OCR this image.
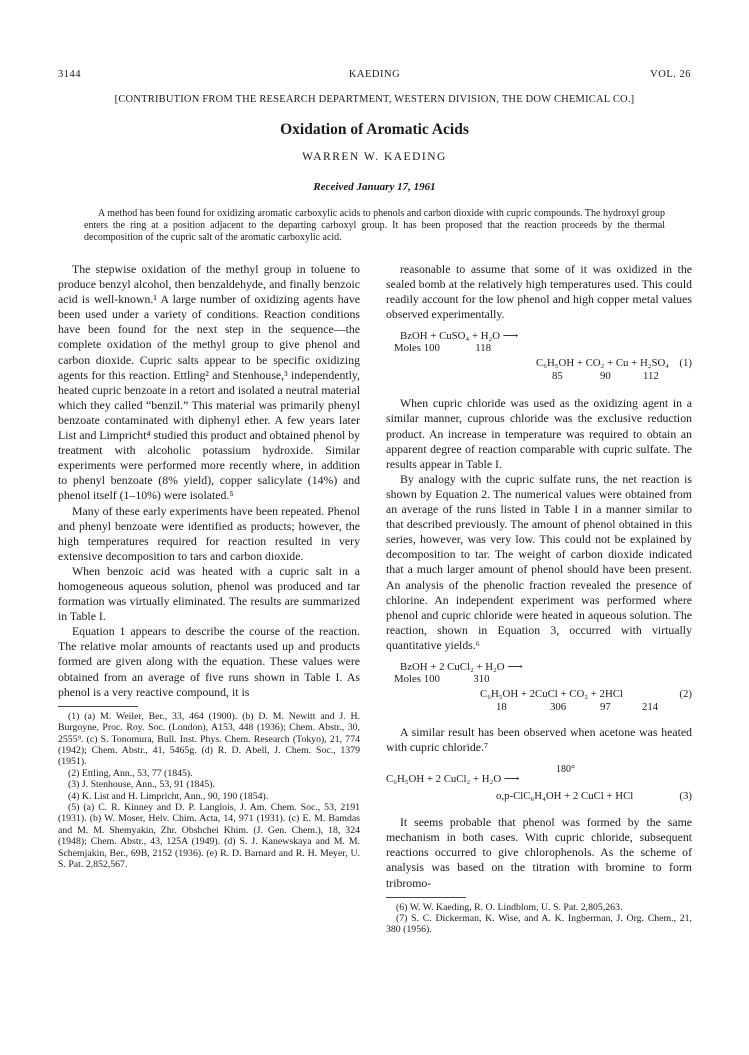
3144	KAEDING	VOL. 26
[CONTRIBUTION FROM THE RESEARCH DEPARTMENT, WESTERN DIVISION, THE DOW CHEMICAL CO.]
Oxidation of Aromatic Acids
WARREN W. KAEDING
Received January 17, 1961
A method has been found for oxidizing aromatic carboxylic acids to phenols and carbon dioxide with cupric compounds. The hydroxyl group enters the ring at a position adjacent to the departing carboxyl group. It has been proposed that the reaction proceeds by the thermal decomposition of the cupric salt of the aromatic carboxylic acid.

The stepwise oxidation of the methyl group in toluene to produce benzyl alcohol, then benzaldehyde, and finally benzoic acid is well-known.¹ A large number of oxidizing agents have been used under a variety of conditions. Reaction conditions have been found for the next step in the sequence—the complete oxidation of the methyl group to give phenol and carbon dioxide. Cupric salts appear to be specific oxidizing agents for this reaction. Ettling² and Stenhouse,³ independently, heated cupric benzoate in a retort and isolated a neutral material which they called “benzil.” This material was primarily phenyl benzoate contaminated with diphenyl ether. A few years later List and Limpricht⁴ studied this product and obtained phenol by treatment with alcoholic potassium hydroxide. Similar experiments were performed more recently where, in addition to phenyl benzoate (8% yield), copper salicylate (14%) and phenol itself (1–10%) were isolated.⁵

Many of these early experiments have been repeated. Phenol and phenyl benzoate were identified as products; however, the high temperatures required for reaction resulted in very extensive decomposition to tars and carbon dioxide.

When benzoic acid was heated with a cupric salt in a homogeneous aqueous solution, phenol was produced and tar formation was virtually eliminated. The results are summarized in Table I.

Equation 1 appears to describe the course of the reaction. The relative molar amounts of reactants used up and products formed are given along with the equation. These values were obtained from an average of five runs shown in Table I. As phenol is a very reactive compound, it is

(1) (a) M. Weiler, Ber., 33, 464 (1900). (b) D. M. Newitt and J. H. Burgoyne, Proc. Roy. Soc. (London), A153, 448 (1936); Chem. Abstr., 30, 2555⁹. (c) S. Tonomura, Bull. Inst. Phys. Chem. Research (Tokyo), 21, 774 (1942); Chem. Abstr., 41, 5465g. (d) R. D. Abell, J. Chem. Soc., 1379 (1951).
(2) Ettling, Ann., 53, 77 (1845).
(3) J. Stenhouse, Ann., 53, 91 (1845).
(4) K. List and H. Limpricht, Ann., 90, 190 (1854).
(5) (a) C. R. Kinney and D. P. Langlois, J. Am. Chem. Soc., 53, 2191 (1931). (b) W. Moser, Helv. Chim. Acta, 14, 971 (1931). (c) E. M. Bamdas and M. M. Shemyakin, Zhr. Obshchei Khim. (J. Gen. Chem.), 18, 324 (1948); Chem. Abstr., 43, 125A (1949). (d) S. J. Kanewskaya and M. M. Schemjakin, Ber., 69B, 2152 (1936). (e) R. D. Barnard and R. H. Meyer, U. S. Pat. 2,852,567.

reasonable to assume that some of it was oxidized in the sealed bomb at the relatively high temperatures used. This could readily account for the low phenol and high copper metal values observed experimentally.

BzOH + CuSO₄ + H₂O ⟶
Moles 100	118
C₆H₅OH + CO₂ + Cu + H₂SO₄ (1)
85	90	112

When cupric chloride was used as the oxidizing agent in a similar manner, cuprous chloride was the exclusive reduction product. An increase in temperature was required to obtain an apparent degree of reaction comparable with cupric sulfate. The results appear in Table I.

By analogy with the cupric sulfate runs, the net reaction is shown by Equation 2. The numerical values were obtained from an average of the runs listed in Table I in a manner similar to that described previously. The amount of phenol obtained in this series, however, was very low. This could not be explained by decomposition to tar. The weight of carbon dioxide indicated that a much larger amount of phenol should have been present. An analysis of the phenolic fraction revealed the presence of chlorine. An independent experiment was performed where phenol and cupric chloride were heated in aqueous solution. The reaction, shown in Equation 3, occurred with virtually quantitative yields.⁶

BzOH + 2 CuCl₂ + H₂O ⟶
Moles 100	310
C₆H₅OH + 2CuCl + CO₂ + 2HCl	(2)
18	306	97	214

A similar result has been observed when acetone was heated with cupric chloride.⁷

180°
C₆H₅OH + 2 CuCl₂ + H₂O ⟶
o,p-ClC₆H₄OH + 2 CuCl + HCl	(3)

It seems probable that phenol was formed by the same mechanism in both cases. With cupric chloride, subsequent reactions occurred to give chlorophenols. As the scheme of analysis was based on the titration with bromine to form tribromo-

(6) W. W. Kaeding, R. O. Lindblom, U. S. Pat. 2,805,263.
(7) S. C. Dickerman, K. Wise, and A. K. Ingberman, J. Org. Chem., 21, 380 (1956).
